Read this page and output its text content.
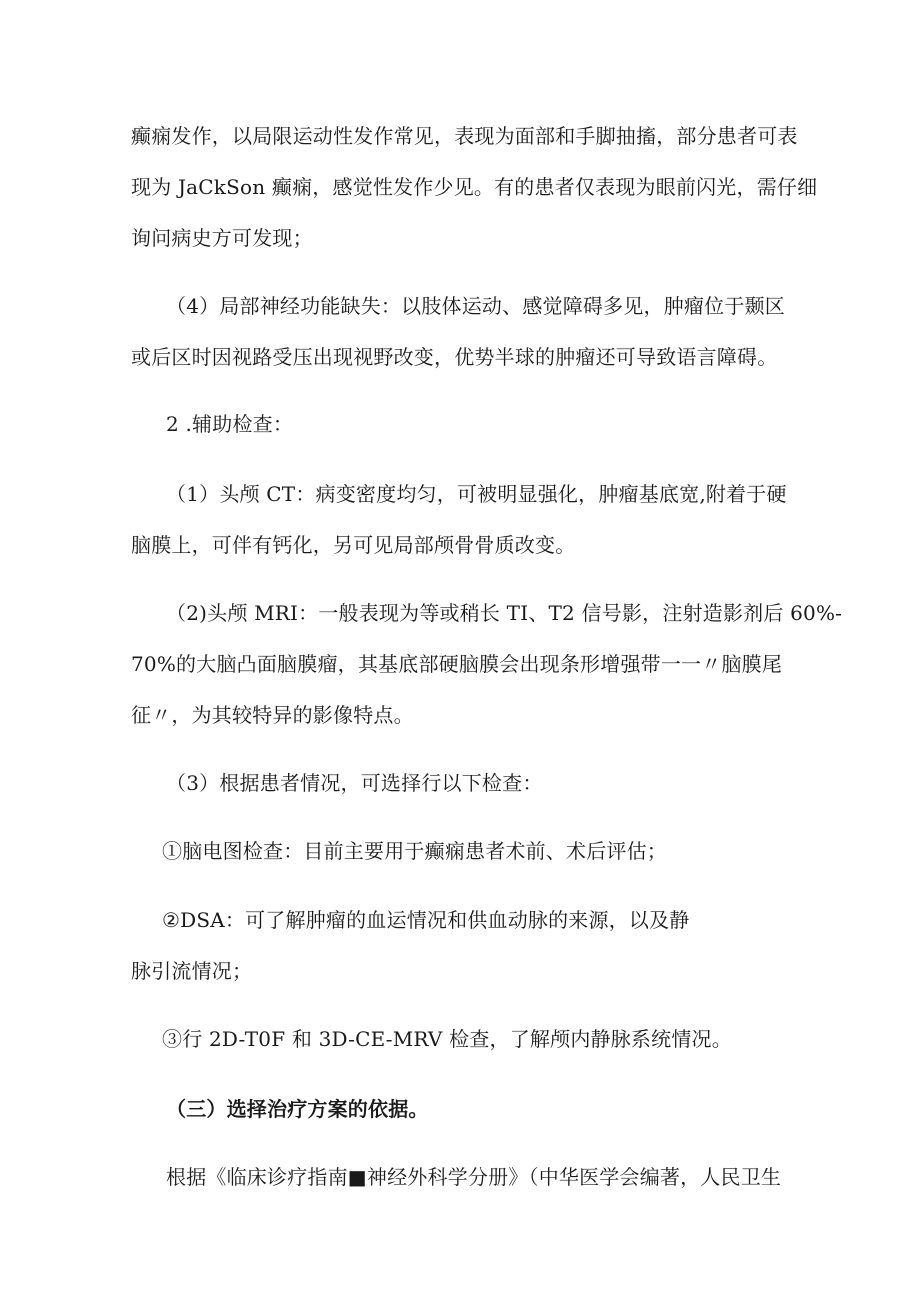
癫痫发作，以局限运动性发作常见，表现为面部和手脚抽搐，部分患者可表
现为 JaCkSon 癫痫，感觉性发作少见。有的患者仅表现为眼前闪光，需仔细
询问病史方可发现；
（4）局部神经功能缺失：以肢体运动、感觉障碍多见，肿瘤位于颞区
或后区时因视路受压出现视野改变，优势半球的肿瘤还可导致语言障碍。
2 .辅助检查：
（1）头颅 CT：病变密度均匀，可被明显强化，肿瘤基底宽,附着于硬
脑膜上，可伴有钙化，另可见局部颅骨骨质改变。
（2)头颅 MRI：一般表现为等或稍长 TI、T2 信号影，注射造影剂后 60%-
70%的大脑凸面脑膜瘤，其基底部硬脑膜会出现条形增强带一一〃脑膜尾
征〃，为其较特异的影像特点。
（3）根据患者情况，可选择行以下检查：
①脑电图检查：目前主要用于癫痫患者术前、术后评估；
②DSA：可了解肿瘤的血运情况和供血动脉的来源，以及静
脉引流情况；
③行 2D-T0F 和 3D-CE-MRV 检查，了解颅内静脉系统情况。
（三）选择治疗方案的依据。
根据《临床诊疗指南■神经外科学分册》（中华医学会编著，人民卫生
